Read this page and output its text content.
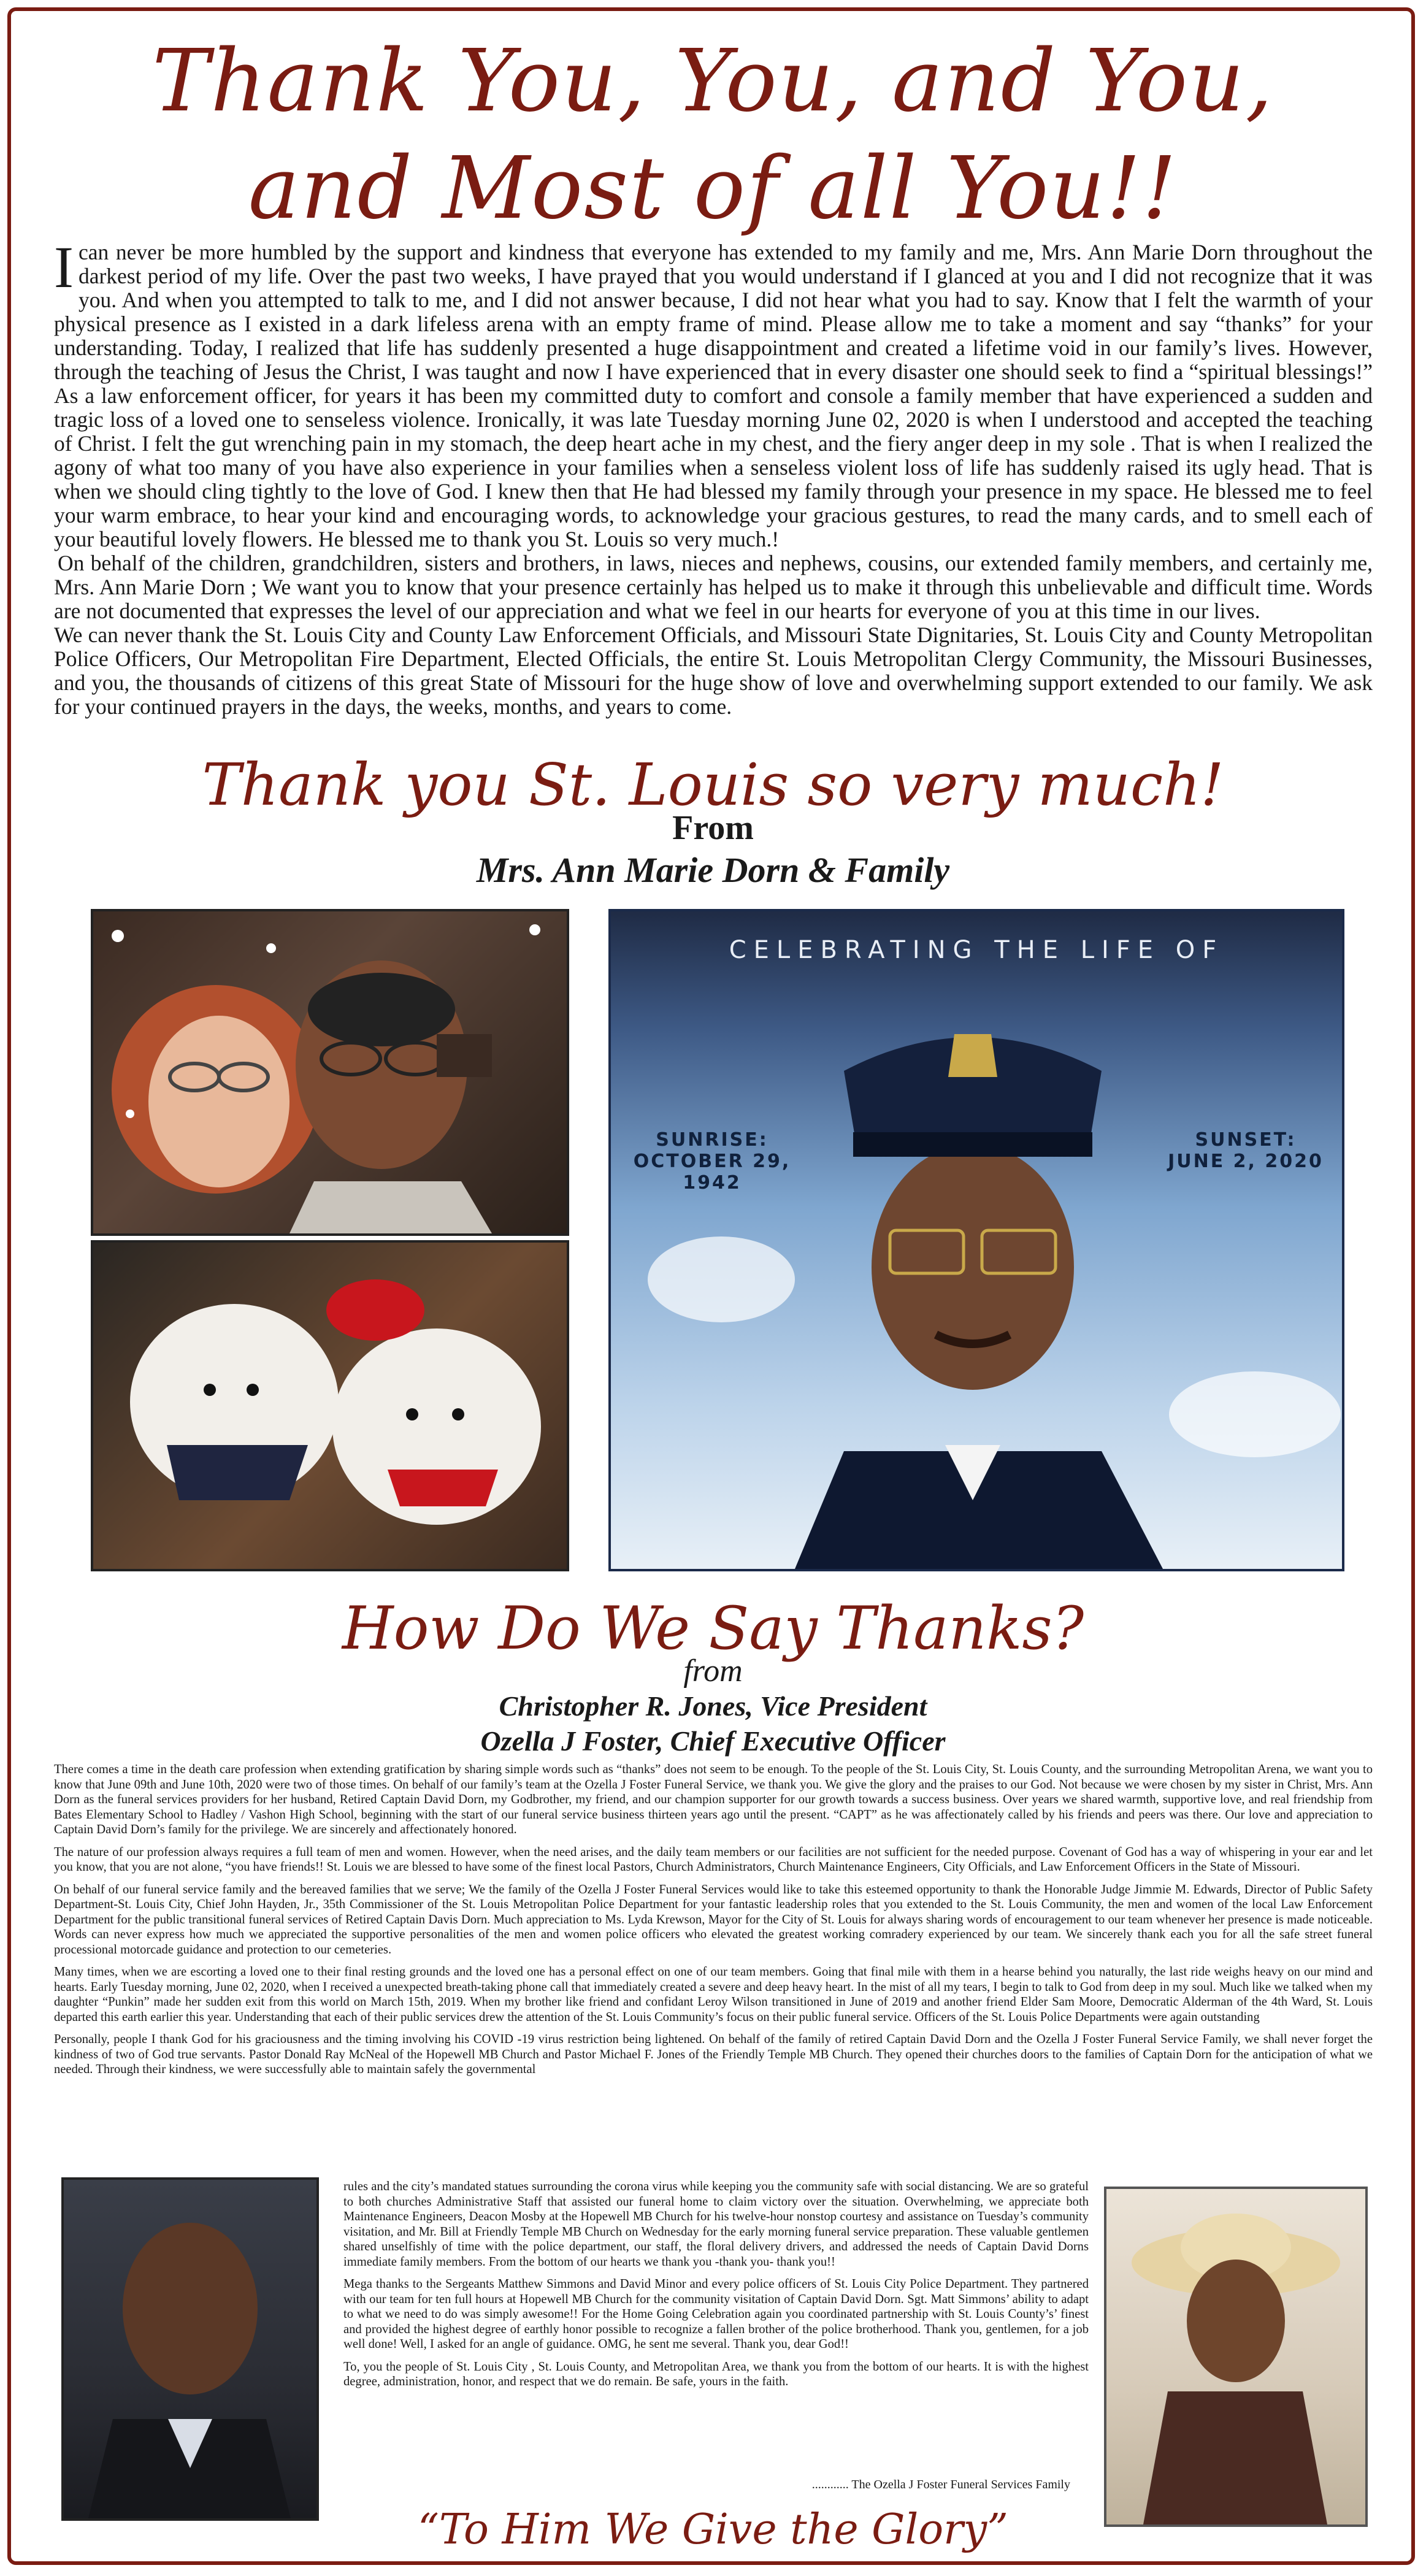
Thank You, You, and You,
and Most of all You!!

Ican never be more humbled by the support and kindness that everyone has extended to my family and me, Mrs. Ann Marie Dorn throughout the darkest period of my life. Over the past two weeks, I have prayed that you would understand if I glanced at you and I did not recognize that it was you. And when you attempted to talk to me, and I did not answer because, I did not hear what you had to say. Know that I felt the warmth of your physical presence as I existed in a dark lifeless arena with an empty frame of mind. Please allow me to take a moment and say “thanks” for your understanding. Today, I realized that life has suddenly presented a huge disappointment and created a lifetime void in our family’s lives. However, through the teaching of Jesus the Christ, I was taught and now I have experienced that in every disaster one should seek to find a “spiritual blessings!” As a law enforcement officer, for years it has been my committed duty to comfort and console a family member that have experienced a sudden and tragic loss of a loved one to senseless violence. Ironically, it was late Tuesday morning June 02, 2020 is when I understood and accepted the teaching of Christ. I felt the gut wrenching pain in my stomach, the deep heart ache in my chest, and the fiery anger deep in my sole . That is when I realized the agony of what too many of you have also experience in your families when a senseless violent loss of life has suddenly raised its ugly head. That is when we should cling tightly to the love of God. I knew then that He had blessed my family through your presence in my space. He blessed me to feel your warm embrace, to hear your kind and encouraging words, to acknowledge your gracious gestures, to read the many cards, and to smell each of your beautiful lovely flowers. He blessed me to thank you St. Louis so very much.!

On behalf of the children, grandchildren, sisters and brothers, in laws, nieces and nephews, cousins, our extended family members, and certainly me, Mrs. Ann Marie Dorn ; We want you to know that your presence certainly has helped us to make it through this unbelievable and difficult time. Words are not documented that expresses the level of our appreciation and what we feel in our hearts for everyone of you at this time in our lives.

We can never thank the St. Louis City and County Law Enforcement Officials, and Missouri State Dignitaries, St. Louis City and County Metropolitan Police Officers, Our Metropolitan Fire Department, Elected Officials, the entire St. Louis Metropolitan Clergy Community, the Missouri Businesses, and you, the thousands of citizens of this great State of Missouri for the huge show of love and overwhelming support extended to our family. We ask for your continued prayers in the days, the weeks, months, and years to come.

Thank you St. Louis so very much!
From
Mrs. Ann Marie Dorn & Family
CELEBRATING THE LIFE OF
SUNRISE:
OCTOBER 29, 1942
SUNSET:
JUNE 2, 2020
How Do We Say Thanks?
from
Christopher R. Jones, Vice President
Ozella J Foster, Chief Executive Officer

There comes a time in the death care profession when extending gratification by sharing simple words such as “thanks” does not seem to be enough. To the people of the St. Louis City, St. Louis County, and the surrounding Metropolitan Arena, we want you to know that June 09th and June 10th, 2020 were two of those times. On behalf of our family’s team at the Ozella J Foster Funeral Service, we thank you. We give the glory and the praises to our God. Not because we were chosen by my sister in Christ, Mrs. Ann Dorn as the funeral services providers for her husband, Retired Captain David Dorn, my Godbrother, my friend, and our champion supporter for our growth towards a success business. Over years we shared warmth, supportive love, and real friendship from Bates Elementary School to Hadley / Vashon High School, beginning with the start of our funeral service business thirteen years ago until the present. “CAPT” as he was affectionately called by his friends and peers was there. Our love and appreciation to Captain David Dorn’s family for the privilege. We are sincerely and affectionately honored.

The nature of our profession always requires a full team of men and women. However, when the need arises, and the daily team members or our facilities are not sufficient for the needed purpose. Covenant of God has a way of whispering in your ear and let you know, that you are not alone, “you have friends!! St. Louis we are blessed to have some of the finest local Pastors, Church Administrators, Church Maintenance Engineers, City Officials, and Law Enforcement Officers in the State of Missouri.

On behalf of our funeral service family and the bereaved families that we serve; We the family of the Ozella J Foster Funeral Services would like to take this esteemed opportunity to thank the Honorable Judge Jimmie M. Edwards, Director of Public Safety Department-St. Louis City, Chief John Hayden, Jr., 35th Commissioner of the St. Louis Metropolitan Police Department for your fantastic leadership roles that you extended to the St. Louis Community, the men and women of the local Law Enforcement Department for the public transitional funeral services of Retired Captain Davis Dorn. Much appreciation to Ms. Lyda Krewson, Mayor for the City of St. Louis for always sharing words of encouragement to our team whenever her presence is made noticeable. Words can never express how much we appreciated the supportive personalities of the men and women police officers who elevated the greatest working comradery experienced by our team. We sincerely thank each you for all the safe street funeral processional motorcade guidance and protection to our cemeteries.

Many times, when we are escorting a loved one to their final resting grounds and the loved one has a personal effect on one of our team members. Going that final mile with them in a hearse behind you naturally, the last ride weighs heavy on our mind and hearts. Early Tuesday morning, June 02, 2020, when I received a unexpected breath-taking phone call that immediately created a severe and deep heavy heart. In the mist of all my tears, I begin to talk to God from deep in my soul. Much like we talked when my daughter “Punkin” made her sudden exit from this world on March 15th, 2019. When my brother like friend and confidant Leroy Wilson transitioned in June of 2019 and another friend Elder Sam Moore, Democratic Alderman of the 4th Ward, St. Louis departed this earth earlier this year. Understanding that each of their public services drew the attention of the St. Louis Community’s focus on their public funeral service. Officers of the St. Louis Police Departments were again outstanding

Personally, people I thank God for his graciousness and the timing involving his COVID -19 virus restriction being lightened. On behalf of the family of retired Captain David Dorn and the Ozella J Foster Funeral Service Family, we shall never forget the kindness of two of God true servants. Pastor Donald Ray McNeal of the Hopewell MB Church and Pastor Michael F. Jones of the Friendly Temple MB Church. They opened their churches doors to the families of Captain Dorn for the anticipation of what we needed. Through their kindness, we were successfully able to maintain safely the governmental

rules and the city’s mandated statues surrounding the corona virus while keeping you the community safe with social distancing. We are so grateful to both churches Administrative Staff that assisted our funeral home to claim victory over the situation. Overwhelming, we appreciate both Maintenance Engineers, Deacon Mosby at the Hopewell MB Church for his twelve-hour nonstop courtesy and assistance on Tuesday’s community visitation, and Mr. Bill at Friendly Temple MB Church on Wednesday for the early morning funeral service preparation. These valuable gentlemen shared unselfishly of time with the police department, our staff, the floral delivery drivers, and addressed the needs of Captain David Dorns immediate family members. From the bottom of our hearts we thank you -thank you- thank you!!

Mega thanks to the Sergeants Matthew Simmons and David Minor and every police officers of St. Louis City Police Department. They partnered with our team for ten full hours at Hopewell MB Church for the community visitation of Captain David Dorn. Sgt. Matt Simmons’ ability to adapt to what we need to do was simply awesome!! For the Home Going Celebration again you coordinated partnership with St. Louis County’s’ finest and provided the highest degree of earthly honor possible to recognize a fallen brother of the police brotherhood. Thank you, gentlemen, for a job well done! Well, I asked for an angle of guidance. OMG, he sent me several. Thank you, dear God!!

To, you the people of St. Louis City , St. Louis County, and Metropolitan Area, we thank you from the bottom of our hearts. It is with the highest degree, administration, honor, and respect that we do remain. Be safe, yours in the faith.

............ The Ozella J Foster Funeral Services Family
“To Him We Give the Glory”
